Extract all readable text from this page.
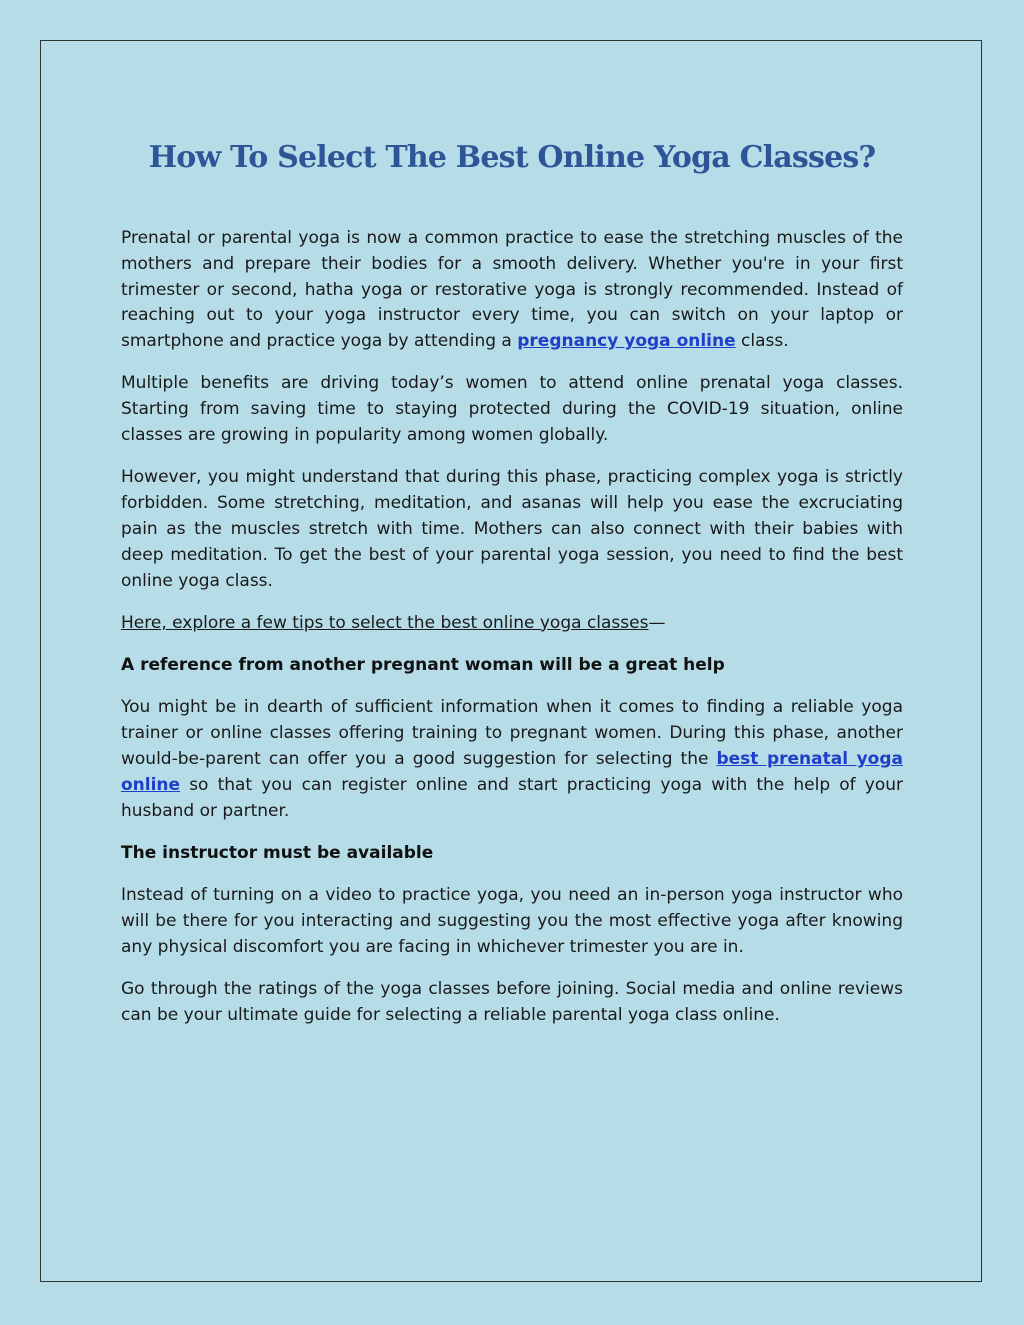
How To Select The Best Online Yoga Classes?

Prenatal or parental yoga is now a common practice to ease the stretching muscles of the mothers and prepare their bodies for a smooth delivery. Whether you're in your first trimester or second, hatha yoga or restorative yoga is strongly recommended. Instead of reaching out to your yoga instructor every time, you can switch on your laptop or smartphone and practice yoga by attending a pregnancy yoga online class.

Multiple benefits are driving today’s women to attend online prenatal yoga classes. Starting from saving time to staying protected during the COVID-19 situation, online classes are growing in popularity among women globally.

However, you might understand that during this phase, practicing complex yoga is strictly forbidden. Some stretching, meditation, and asanas will help you ease the excruciating pain as the muscles stretch with time. Mothers can also connect with their babies with deep meditation. To get the best of your parental yoga session, you need to find the best online yoga class.

Here, explore a few tips to select the best online yoga classes—

A reference from another pregnant woman will be a great help

You might be in dearth of sufficient information when it comes to finding a reliable yoga trainer or online classes offering training to pregnant women. During this phase, another would-be-parent can offer you a good suggestion for selecting the best prenatal yoga online so that you can register online and start practicing yoga with the help of your husband or partner.

The instructor must be available

Instead of turning on a video to practice yoga, you need an in-person yoga instructor who will be there for you interacting and suggesting you the most effective yoga after knowing any physical discomfort you are facing in whichever trimester you are in.

Go through the ratings of the yoga classes before joining. Social media and online reviews can be your ultimate guide for selecting a reliable parental yoga class online.
